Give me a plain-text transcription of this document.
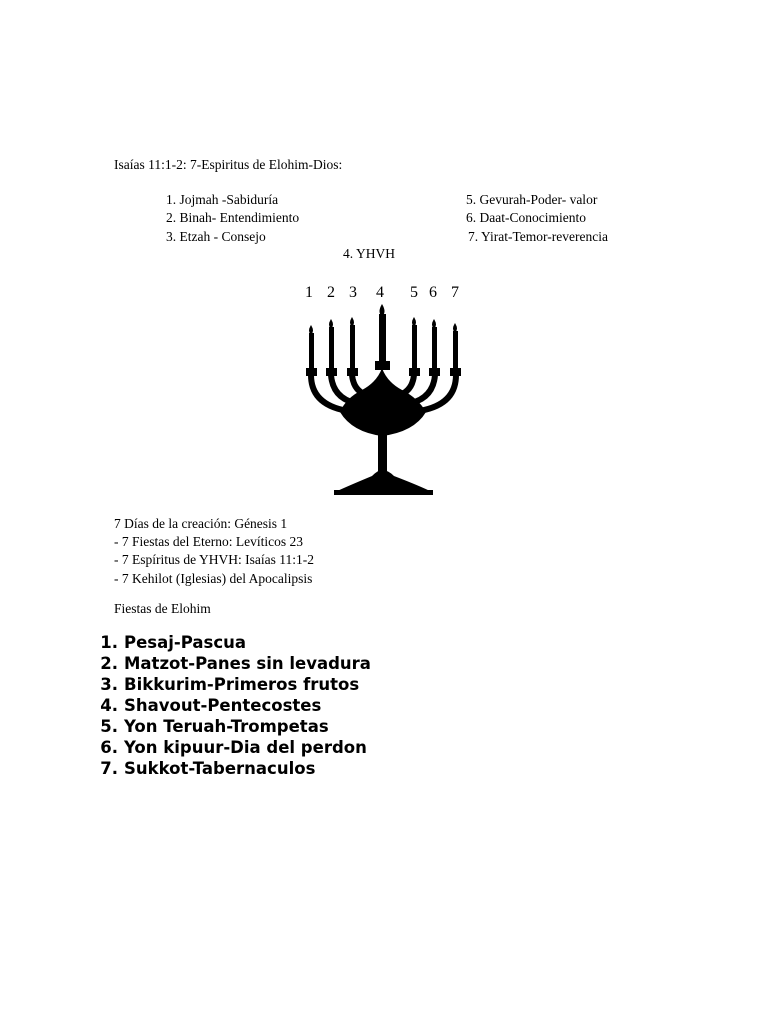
Isaías 11:1-2: 7-Espiritus de Elohim-Dios:
1. Jojmah -Sabiduría
2. Binah- Entendimiento
3. Etzah - Consejo
5. Gevurah-Poder- valor
6. Daat-Conocimiento
7. Yirat-Temor-reverencia
4. YHVH
1 2 3 4 5 6 7
7 Días de la creación: Génesis 1
- 7 Fiestas del Eterno: Levíticos 23
- 7 Espíritus de YHVH: Isaías 11:1-2
- 7 Kehilot (Iglesias) del Apocalipsis
Fiestas de Elohim
1. Pesaj-Pascua
2. Matzot-Panes sin levadura
3. Bikkurim-Primeros frutos
4. Shavout-Pentecostes
5. Yon Teruah-Trompetas
6. Yon kipuur-Dia del perdon
7. Sukkot-Tabernaculos
